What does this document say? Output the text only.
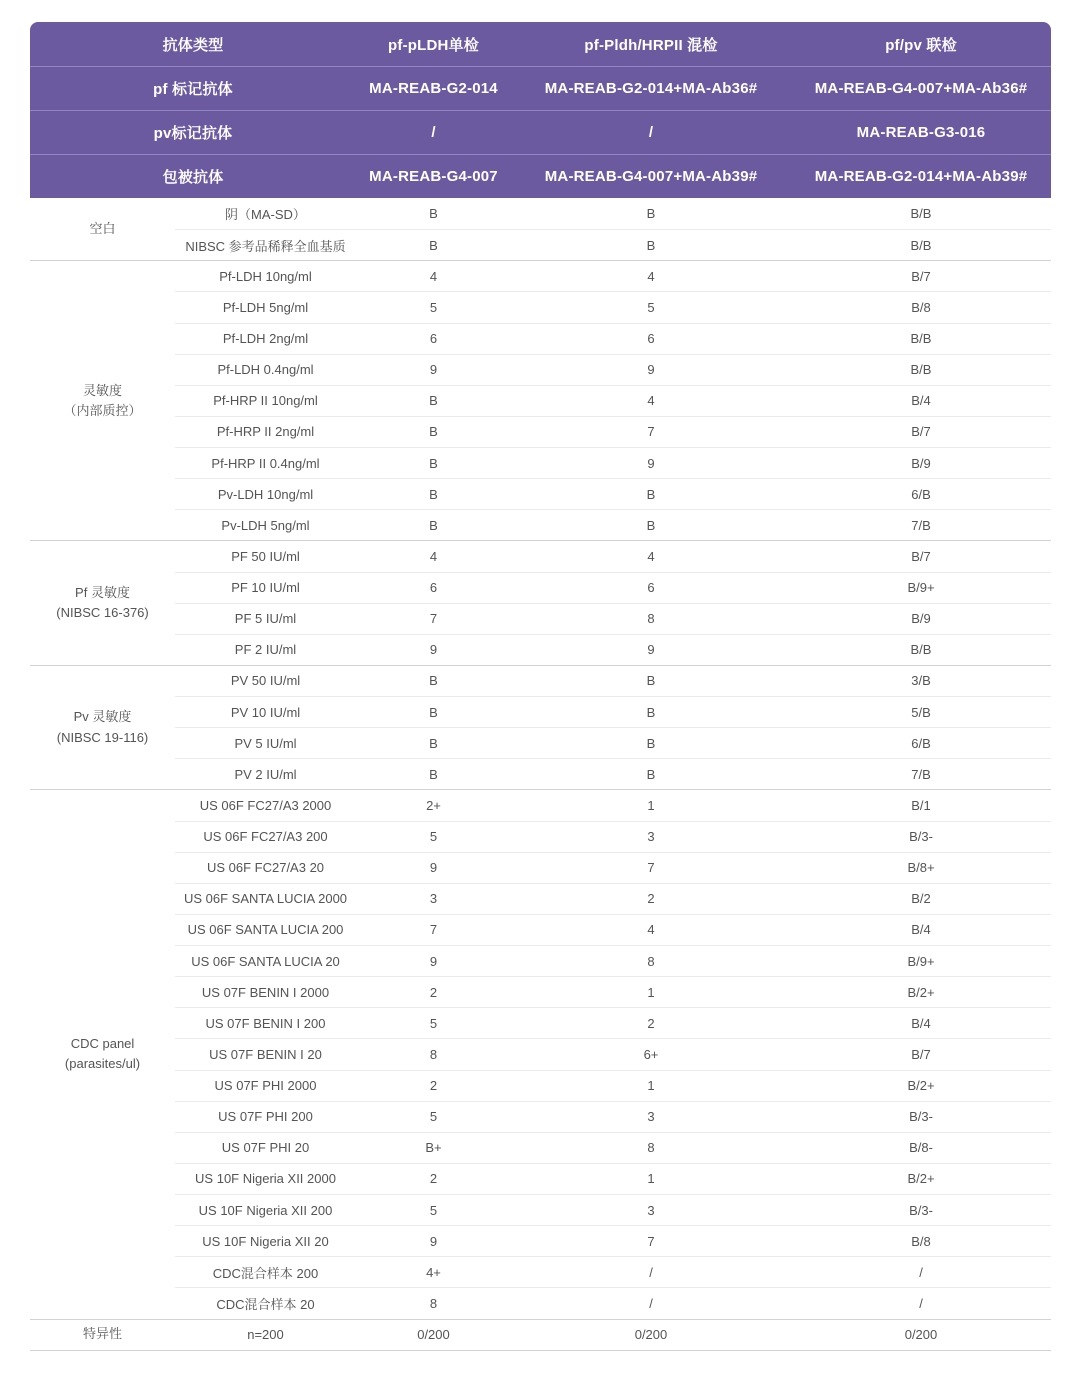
抗体类型	pf-pLDH单检	pf-Pldh/HRPII 混检	pf/pv 联检
pf 标记抗体	MA-REAB-G2-014	MA-REAB-G2-014+MA-Ab36#	MA-REAB-G4-007+MA-Ab36#
pv标记抗体	/	/	MA-REAB-G3-016
包被抗体	MA-REAB-G4-007	MA-REAB-G4-007+MA-Ab39#	MA-REAB-G2-014+MA-Ab39#
空白
阴（MA-SD）	B	B	B/B
NIBSC 参考品稀释全血基质	B	B	B/B
灵敏度
（内部质控）
Pf-LDH 10ng/ml	4	4	B/7
Pf-LDH 5ng/ml	5	5	B/8
Pf-LDH 2ng/ml	6	6	B/B
Pf-LDH 0.4ng/ml	9	9	B/B
Pf-HRP II 10ng/ml	B	4	B/4
Pf-HRP II 2ng/ml	B	7	B/7
Pf-HRP II 0.4ng/ml	B	9	B/9
Pv-LDH 10ng/ml	B	B	6/B
Pv-LDH 5ng/ml	B	B	7/B
Pf 灵敏度
(NIBSC 16-376)
PF 50 IU/ml	4	4	B/7
PF 10 IU/ml	6	6	B/9+
PF 5 IU/ml	7	8	B/9
PF 2 IU/ml	9	9	B/B
Pv 灵敏度
(NIBSC 19-116)
PV 50 IU/ml	B	B	3/B
PV 10 IU/ml	B	B	5/B
PV 5 IU/ml	B	B	6/B
PV 2 IU/ml	B	B	7/B
CDC panel
(parasites/ul)
US 06F FC27/A3 2000	2+	1	B/1
US 06F FC27/A3 200	5	3	B/3-
US 06F FC27/A3 20	9	7	B/8+
US 06F SANTA LUCIA 2000	3	2	B/2
US 06F SANTA LUCIA 200	7	4	B/4
US 06F SANTA LUCIA 20	9	8	B/9+
US 07F BENIN I 2000	2	1	B/2+
US 07F BENIN I 200	5	2	B/4
US 07F BENIN I 20	8	6+	B/7
US 07F PHI 2000	2	1	B/2+
US 07F PHI 200	5	3	B/3-
US 07F PHI 20	B+	8	B/8-
US 10F Nigeria XII 2000	2	1	B/2+
US 10F Nigeria XII 200	5	3	B/3-
US 10F Nigeria XII 20	9	7	B/8
CDC混合样本 200	4+	/	/
CDC混合样本 20	8	/	/
特异性	n=200	0/200	0/200	0/200
